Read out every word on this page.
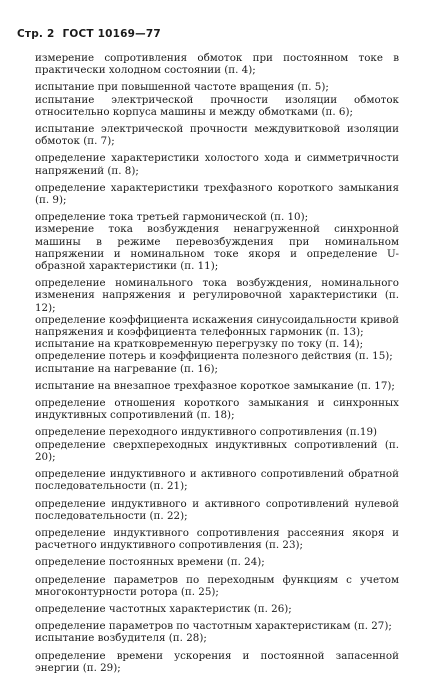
Стр. 2 ГОСТ 10169—77

измерение сопротивления обмоток при постоянном токе в практически холодном состоянии (п. 4);

испытание при повышенной частоте вращения (п. 5);

испытание электрической прочности изоляции обмоток относительно корпуса машины и между обмотками (п. 6);

испытание электрической прочности междувитковой изоляции обмоток (п. 7);

определение характеристики холостого хода и симметричности напряжений (п. 8);

определение характеристики трехфазного короткого замыкания (п. 9);

определение тока третьей гармонической (п. 10);

измерение тока возбуждения ненагруженной синхронной машины в режиме перевозбуждения при номинальном напряжении и номинальном токе якоря и определение U-образной характеристики (п. 11);

определение номинального тока возбуждения, номинального изменения напряжения и регулировочной характеристики (п. 12);

определение коэффициента искажения синусоидальности кривой напряжения и коэффициента телефонных гармоник (п. 13);

испытание на кратковременную перегрузку по току (п. 14);

определение потерь и коэффициента полезного действия (п. 15);

испытание на нагревание (п. 16);

испытание на внезапное трехфазное короткое замыкание (п. 17);

определение отношения короткого замыкания и синхронных индуктивных сопротивлений (п. 18);

определение переходного индуктивного сопротивления (п.19)

определение сверхпереходных индуктивных сопротивлений (п. 20);

определение индуктивного и активного сопротивлений обратной последовательности (п. 21);

определение индуктивного и активного сопротивлений нулевой последовательности (п. 22);

определение индуктивного сопротивления рассеяния якоря и расчетного индуктивного сопротивления (п. 23);

определение постоянных времени (п. 24);

определение параметров по переходным функциям с учетом многоконтурности ротора (п. 25);

определение частотных характеристик (п. 26);

определение параметров по частотным характеристикам (п. 27);

испытание возбудителя (п. 28);

определение времени ускорения и постоянной запасенной энергии (п. 29);
